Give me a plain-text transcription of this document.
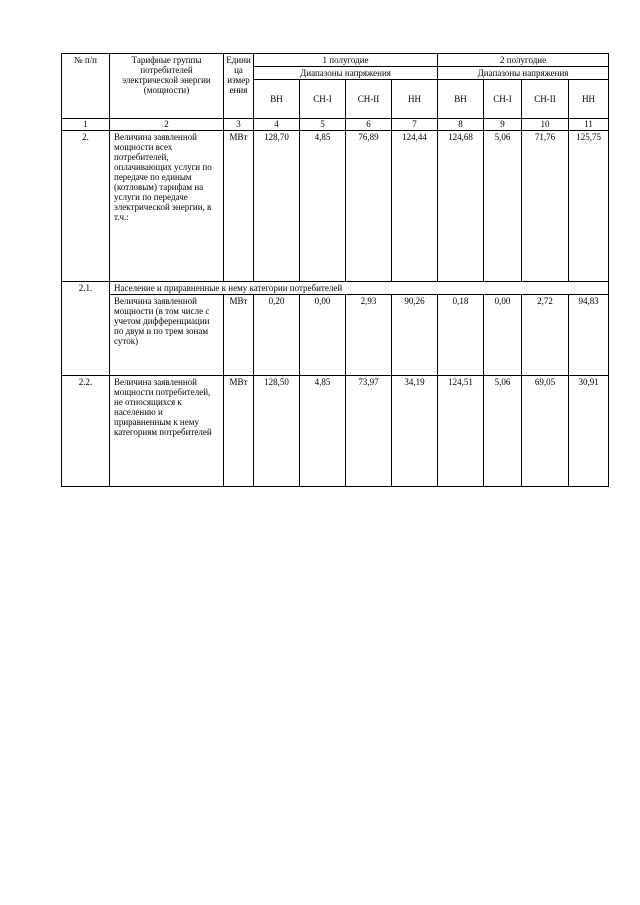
№ п/п	Тарифные группы потребителей электрической энергии (мощности)	Единица измерения	1 полугодие				2 полугодие			
			Диапазоны напряжения				Диапазоны напряжения			
			ВН	СН-I	СН-II	НН	ВН	СН-I	СН-II	НН
1	2	3	4	5	6	7	8	9	10	11
2.	Величина заявленной мощности всех потребителей, оплачивающих услуги по передаче по единым (котловым) тарифам на услуги по передаче электрической энергии, в т.ч.:	МВт	128,70	4,85	76,89	124,44	124,68	5,06	71,76	125,75
2.1.	Население и приравненные к нему категории потребителей									
	Величина заявленной мощности (в том числе с учетом дифференциации по двум и по трем зонам суток)	МВт	0,20	0,00	2,93	90,26	0,18	0,00	2,72	94,83
2.2.	Величина заявленной мощности потребителей, не относящихся к населению и приравненным к нему категориям потребителей	МВт	128,50	4,85	73,97	34,19	124,51	5,06	69,05	30,91
